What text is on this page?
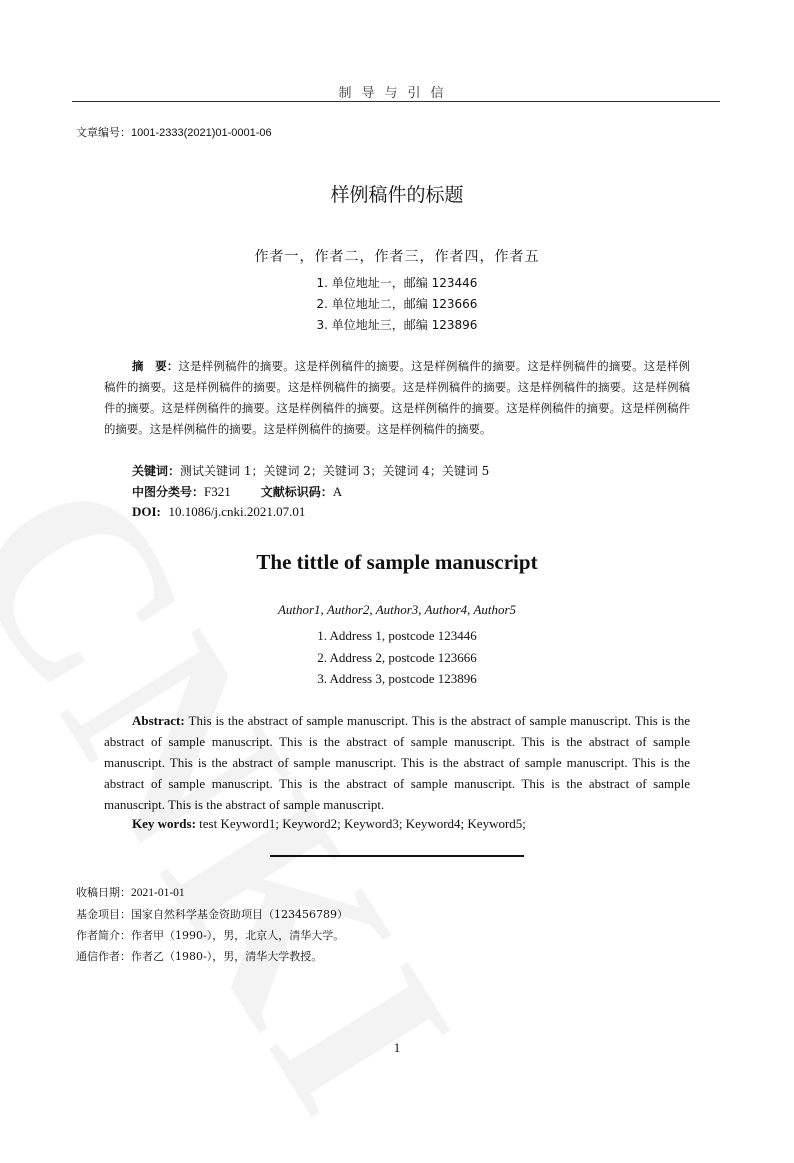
制导与引信
文章编号：1001-2333(2021)01-0001-06
样例稿件的标题
作者一，作者二，作者三，作者四，作者五
1. 单位地址一，邮编 123446
2. 单位地址二，邮编 123666
3. 单位地址三，邮编 123896
摘　要：这是样例稿件的摘要。这是样例稿件的摘要。这是样例稿件的摘要。这是样例稿件的摘要。这是样例稿件的摘要。这是样例稿件的摘要。这是样例稿件的摘要。这是样例稿件的摘要。这是样例稿件的摘要。这是样例稿件的摘要。这是样例稿件的摘要。这是样例稿件的摘要。这是样例稿件的摘要。这是样例稿件的摘要。这是样例稿件的摘要。这是样例稿件的摘要。这是样例稿件的摘要。这是样例稿件的摘要。
关键词：测试关键词 1；关键词 2；关键词 3；关键词 4；关键词 5
中图分类号：F321	文献标识码：A
DOI: 10.1086/j.cnki.2021.07.01
The tittle of sample manuscript
Author1, Author2, Author3, Author4, Author5
1. Address 1, postcode 123446
2. Address 2, postcode 123666
3. Address 3, postcode 123896
Abstract: This is the abstract of sample manuscript. This is the abstract of sample manuscript. This is the abstract of sample manuscript. This is the abstract of sample manuscript. This is the abstract of sample manuscript. This is the abstract of sample manuscript. This is the abstract of sample manuscript. This is the abstract of sample manuscript. This is the abstract of sample manuscript. This is the abstract of sample manuscript. This is the abstract of sample manuscript.
Key words: test Keyword1; Keyword2; Keyword3; Keyword4; Keyword5;
收稿日期：2021-01-01
基金项目：国家自然科学基金资助项目（123456789）
作者简介：作者甲（1990-），男，北京人，清华大学。
通信作者：作者乙（1980-），男，清华大学教授。
1
